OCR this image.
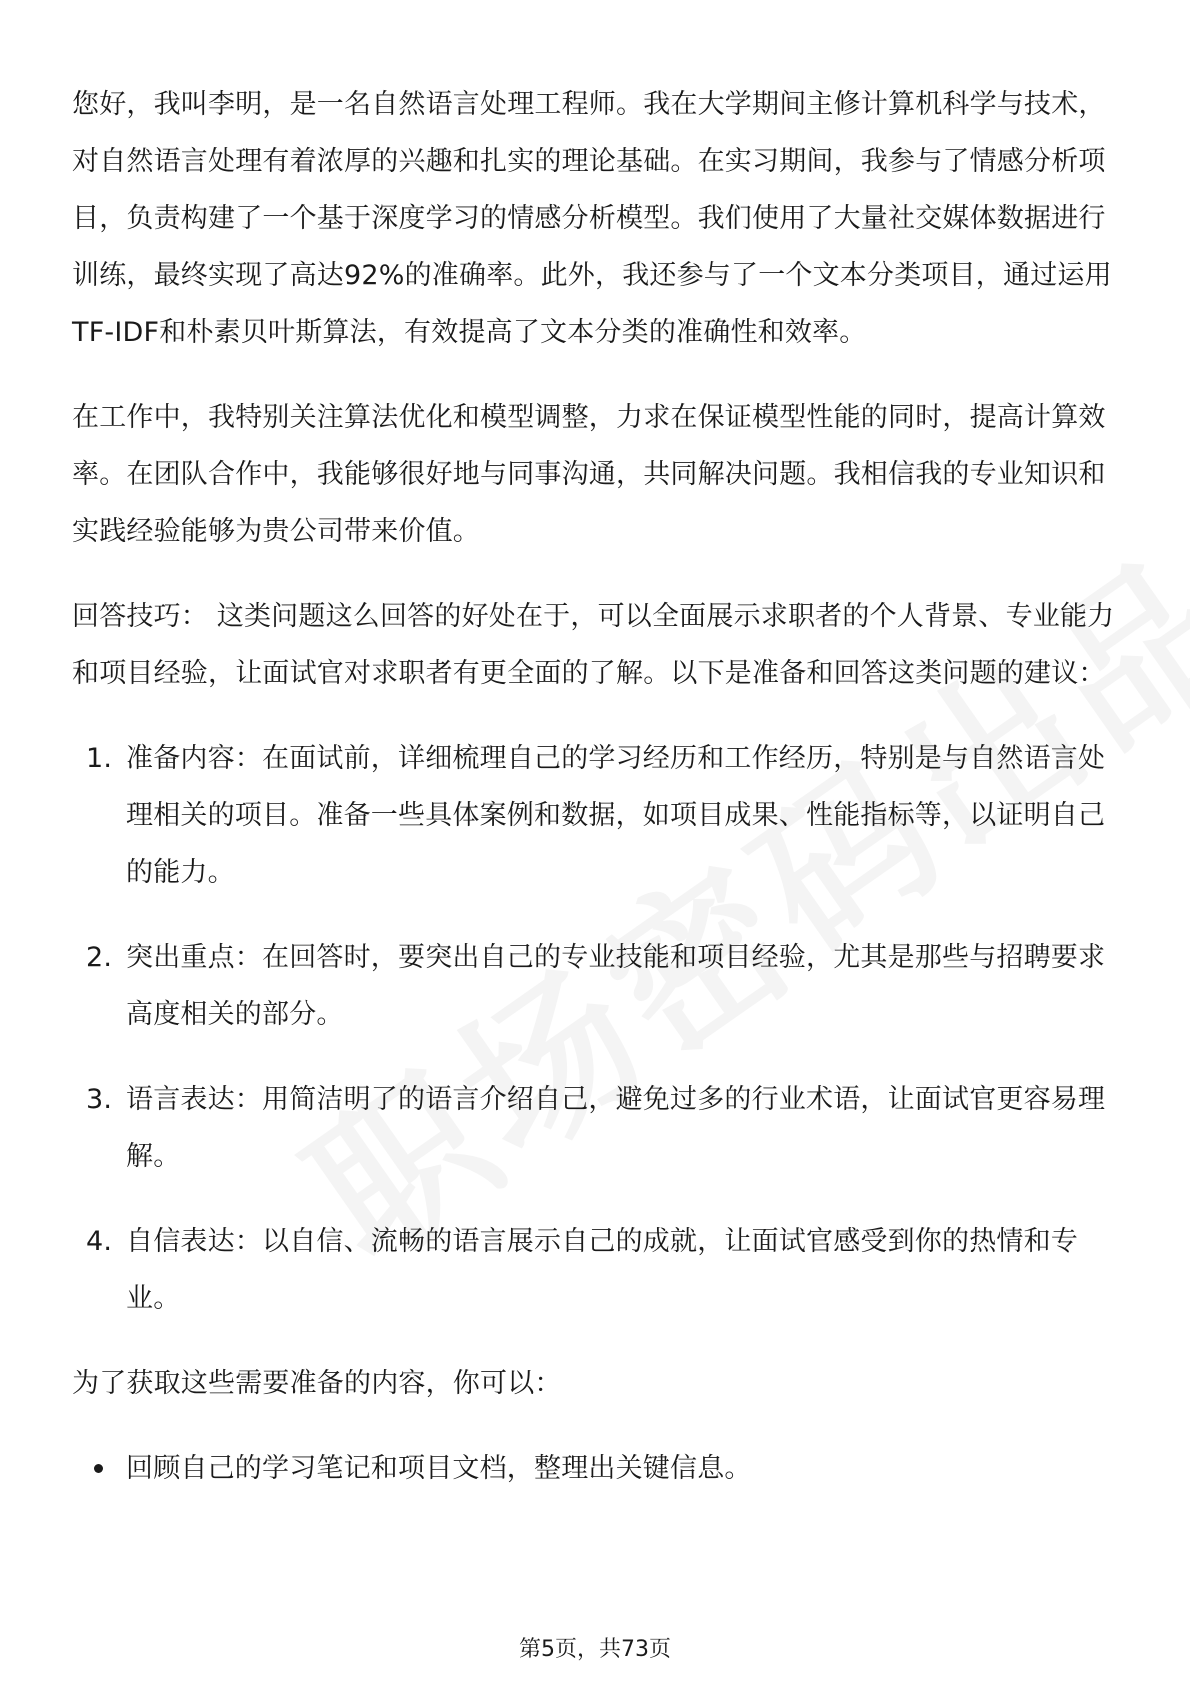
您好，我叫李明，是一名自然语言处理工程师。我在大学期间主修计算机科学与技术，对自然语言处理有着浓厚的兴趣和扎实的理论基础。在实习期间，我参与了情感分析项目，负责构建了一个基于深度学习的情感分析模型。我们使用了大量社交媒体数据进行训练，最终实现了高达92%的准确率。此外，我还参与了一个文本分类项目，通过运用TF-IDF和朴素贝叶斯算法，有效提高了文本分类的准确性和效率。

在工作中，我特别关注算法优化和模型调整，力求在保证模型性能的同时，提高计算效率。在团队合作中，我能够很好地与同事沟通，共同解决问题。我相信我的专业知识和实践经验能够为贵公司带来价值。

回答技巧： 这类问题这么回答的好处在于，可以全面展示求职者的个人背景、专业能力和项目经验，让面试官对求职者有更全面的了解。以下是准备和回答这类问题的建议：

1. 准备内容：在面试前，详细梳理自己的学习经历和工作经历，特别是与自然语言处理相关的项目。准备一些具体案例和数据，如项目成果、性能指标等，以证明自己的能力。
2. 突出重点：在回答时，要突出自己的专业技能和项目经验，尤其是那些与招聘要求高度相关的部分。
3. 语言表达：用简洁明了的语言介绍自己，避免过多的行业术语，让面试官更容易理解。
4. 自信表达：以自信、流畅的语言展示自己的成就，让面试官感受到你的热情和专业。

为了获取这些需要准备的内容，你可以：

回顾自己的学习笔记和项目文档，整理出关键信息。
第5页，共73页
